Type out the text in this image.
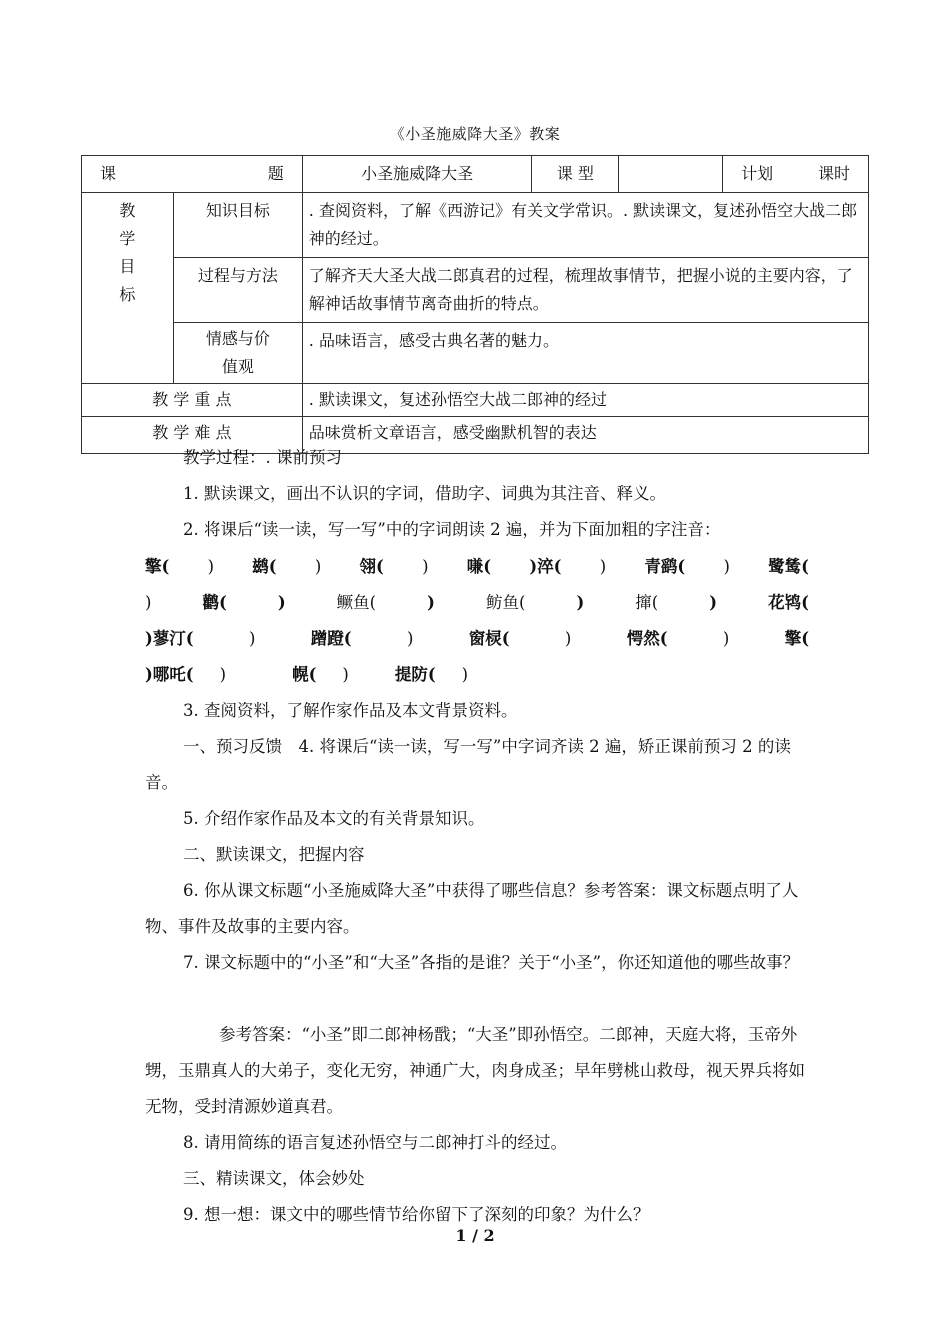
《小圣施威降大圣》教案
课 题		小圣施威降大圣	课 型		计划 课时

教
学
目
标	知识目标	. 查阅资料，了解《西游记》有关文学常识。. 默读课文，复述孙悟空大战二郎神的经过。			
	过程与方法	了解齐天大圣大战二郎真君的过程，梳理故事情节，把握小说的主要内容，了解神话故事情节离奇曲折的特点。			
	情感与价值观	. 品味语言，感受古典名著的魅力。			
教 学 重 点		. 默读课文，复述孙悟空大战二郎神的经过			
教 学 难 点		品味赏析文章语言，感受幽默机智的表达			
教学过程：. 课前预习
1. 默读课文，画出不认识的字词，借助字、词典为其注音、释义。
2. 将课后“读一读，写一写”中的字词朗读 2 遍，并为下面加粗的字注音：
擎( ) 鹚( ) 翎( ) 嗛( )淬( ) 青鹞( ) 鹭鸶(
)	鹳(	)	鳜鱼(	)	鲂鱼(	)	撺(	)	花鸨(
)蓼汀(	)	蹭蹬(	)	窗棂(	)	愕然(	)	擎(
)哪吒( )	幌( )	提防( )
3. 查阅资料，了解作家作品及本文背景资料。
一、预习反馈　4. 将课后“读一读，写一写”中字词齐读 2 遍，矫正课前预习 2 的读音。
5. 介绍作家作品及本文的有关背景知识。
二、默读课文，把握内容
6. 你从课文标题“小圣施威降大圣”中获得了哪些信息？参考答案：课文标题点明了人物、事件及故事的主要内容。
7. 课文标题中的“小圣”和“大圣”各指的是谁？关于“小圣”，你还知道他的哪些故事？
参考答案：“小圣”即二郎神杨戬；“大圣”即孙悟空。二郎神，天庭大将，玉帝外甥，玉鼎真人的大弟子，变化无穷，神通广大，肉身成圣；早年劈桃山救母，视天界兵将如无物，受封清源妙道真君。
8. 请用简练的语言复述孙悟空与二郎神打斗的经过。
三、精读课文，体会妙处
9. 想一想：课文中的哪些情节给你留下了深刻的印象？为什么？
1 / 2
